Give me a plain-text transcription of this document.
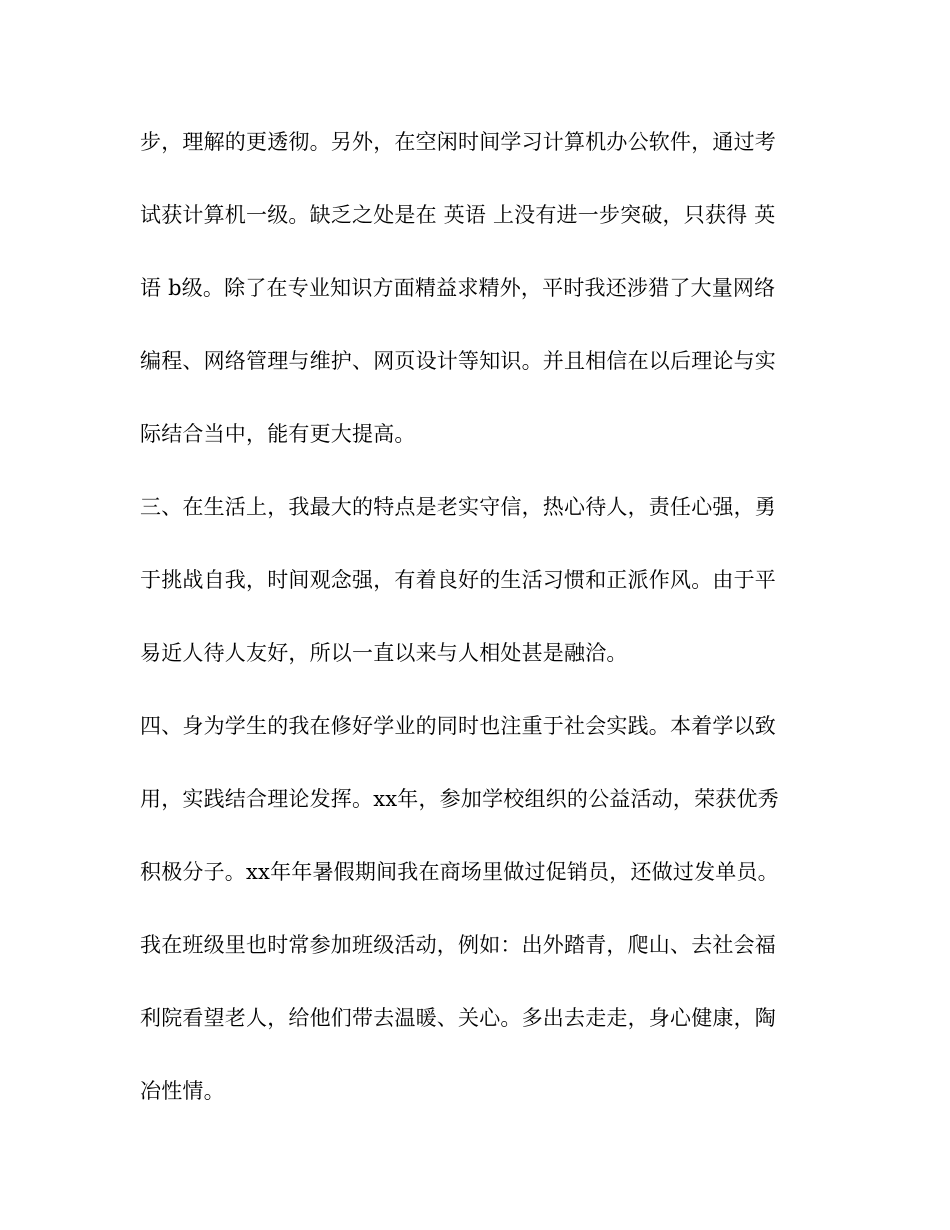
步，理解的更透彻。另外，在空闲时间学习计算机办公软件，通过考
试获计算机一级。缺乏之处是在 英语 上没有进一步突破，只获得 英
语 b级。除了在专业知识方面精益求精外，平时我还涉猎了大量网络
编程、网络管理与维护、网页设计等知识。并且相信在以后理论与实
际结合当中，能有更大提高。
三、在生活上，我最大的特点是老实守信，热心待人，责任心强，勇
于挑战自我，时间观念强，有着良好的生活习惯和正派作风。由于平
易近人待人友好，所以一直以来与人相处甚是融洽。
四、身为学生的我在修好学业的同时也注重于社会实践。本着学以致
用，实践结合理论发挥。xx年，参加学校组织的公益活动，荣获优秀
积极分子。xx年年暑假期间我在商场里做过促销员，还做过发单员。
我在班级里也时常参加班级活动，例如：出外踏青，爬山、去社会福
利院看望老人，给他们带去温暖、关心。多出去走走，身心健康，陶
冶性情。
